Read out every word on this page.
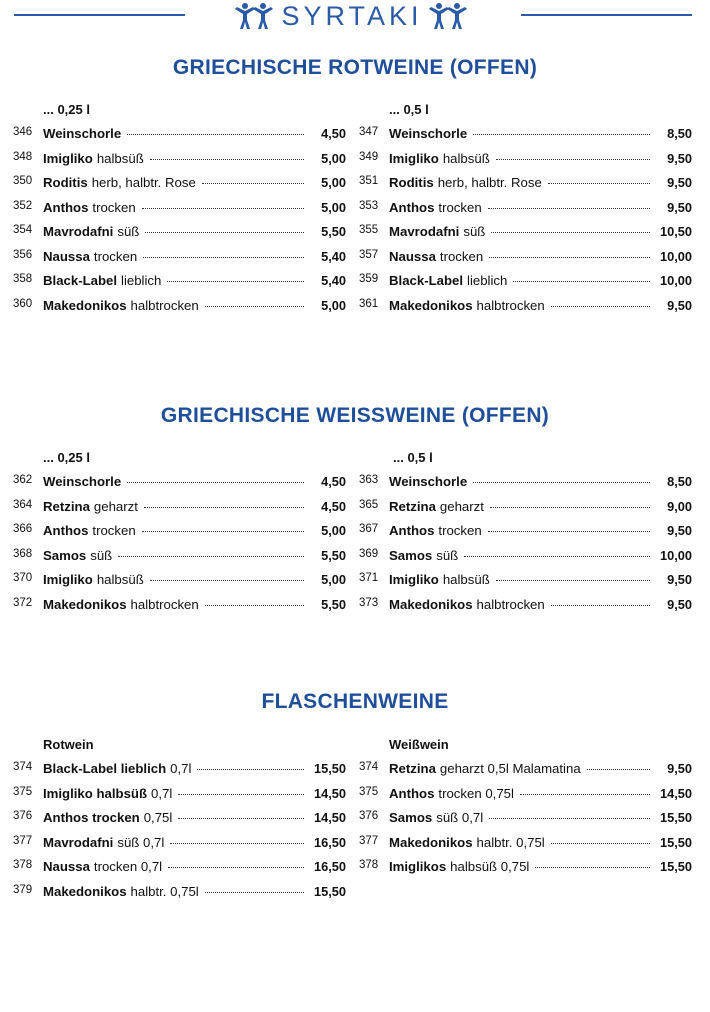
SYRTAKI
GRIECHISCHE ROTWEINE (OFFEN)
... 0,25 l
346 Weinschorle	4,50
348 Imigliko halbsüß	5,00
350 Roditis herb, halbtr. Rose	5,00
352 Anthos trocken	5,00
354 Mavrodafni süß	5,50
356 Naussa trocken	5,40
358 Black-Label lieblich	5,40
360 Makedonikos halbtrocken	5,00
... 0,5 l
347 Weinschorle	8,50
349 Imigliko halbsüß	9,50
351 Roditis herb, halbtr. Rose	9,50
353 Anthos trocken	9,50
355 Mavrodafni süß	10,50
357 Naussa trocken	10,00
359 Black-Label lieblich	10,00
361 Makedonikos halbtrocken	9,50
GRIECHISCHE WEISSWEINE (OFFEN)
... 0,25 l
362 Weinschorle	4,50
364 Retzina geharzt	4,50
366 Anthos trocken	5,00
368 Samos süß	5,50
370 Imigliko halbsüß	5,00
372 Makedonikos halbtrocken	5,50
... 0,5 l
363 Weinschorle	8,50
365 Retzina geharzt	9,00
367 Anthos trocken	9,50
369 Samos süß	10,00
371 Imigliko halbsüß	9,50
373 Makedonikos halbtrocken	9,50
FLASCHENWEINE
Rotwein
374 Black-Label lieblich 0,7l	15,50
375 Imigliko halbsüß 0,7l	14,50
376 Anthos trocken 0,75l	14,50
377 Mavrodafni süß 0,7l	16,50
378 Naussa trocken 0,7l	16,50
379 Makedonikos halbtr. 0,75l	15,50
Weißwein
374 Retzina geharzt 0,5l Malamatina	9,50
375 Anthos trocken 0,75l	14,50
376 Samos süß 0,7l	15,50
377 Makedonikos halbtr. 0,75l	15,50
378 Imiglikos halbsüß 0,75l	15,50
